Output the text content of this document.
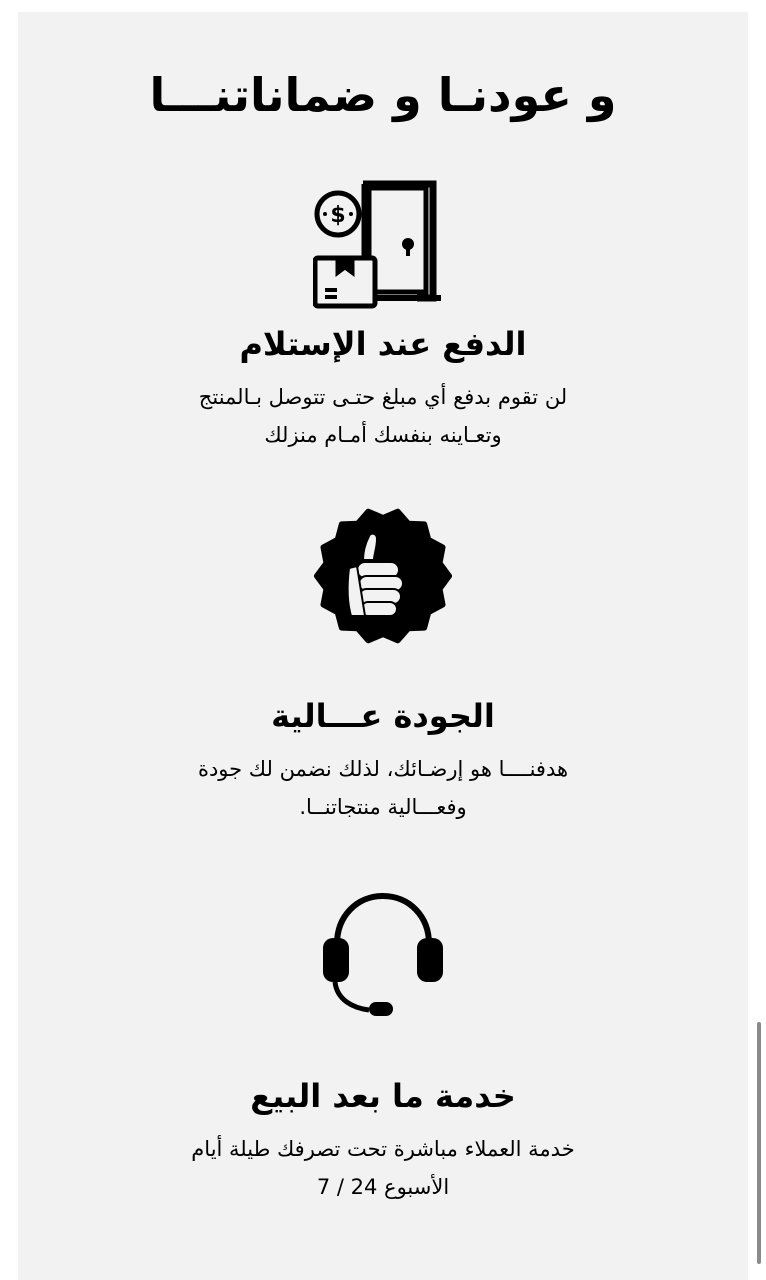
و عودنـا و ضماناتنـــا
$
الدفع عند الإستلام

لن تقوم بدفع أي مبلغ حتـى تتوصل بـالمنتج
وتعـاينه بنفسك أمـام منزلك

الجودة عـــالية

هدفنــــا هو إرضـائك، لذلك نضمن لك جودة
وفعـــالية منتجاتنــا.

خدمة ما بعد البيع

خدمة العملاء مباشرة تحت تصرفك طيلة أيام
الأسبوع 24 / 7
